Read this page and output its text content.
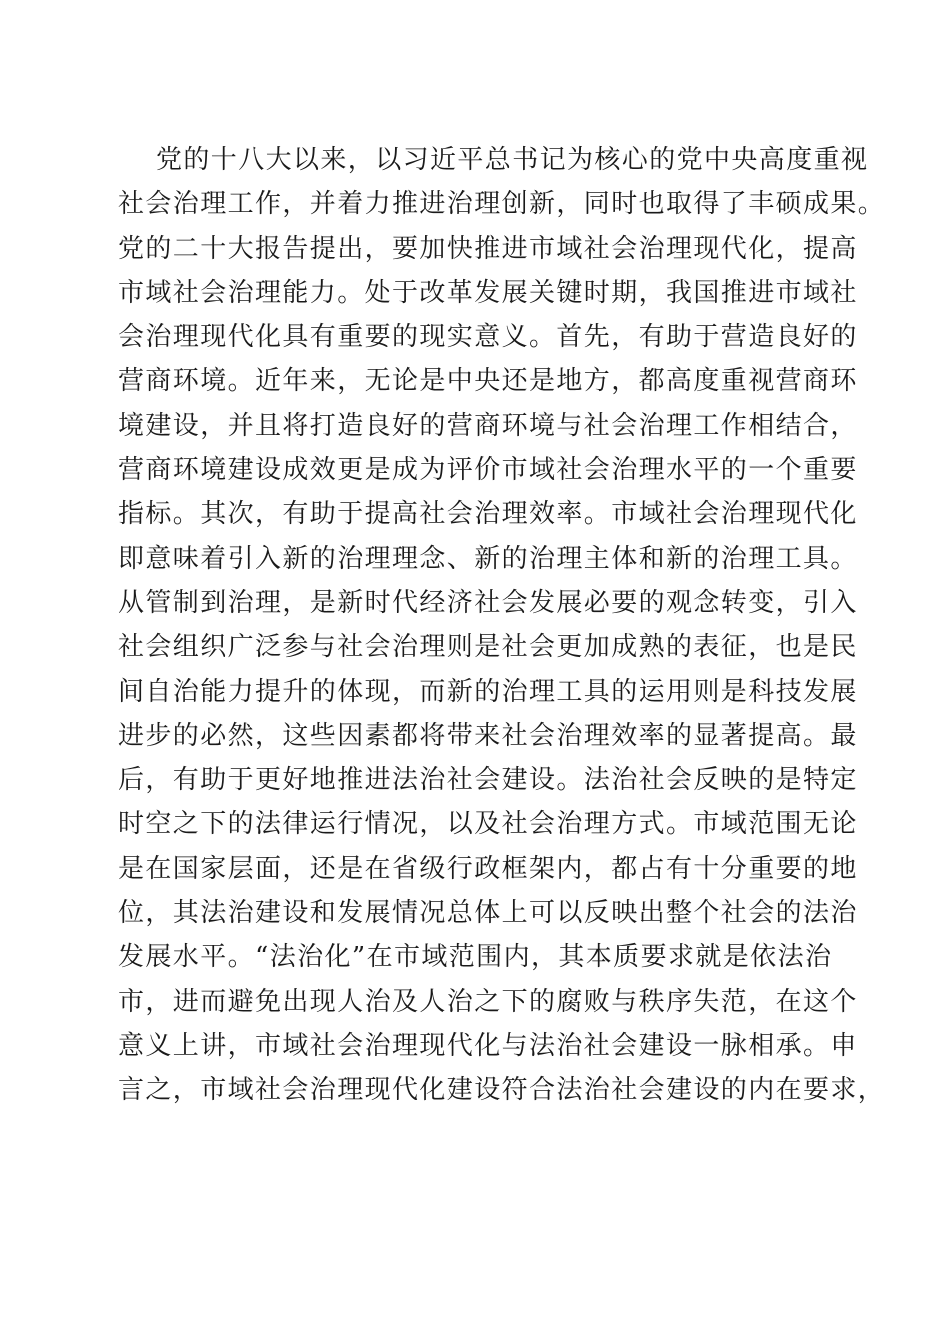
党的十八大以来，以习近平总书记为核心的党中央高度重视
社会治理工作，并着力推进治理创新，同时也取得了丰硕成果。
党的二十大报告提出，要加快推进市域社会治理现代化，提高
市域社会治理能力。处于改革发展关键时期，我国推进市域社
会治理现代化具有重要的现实意义。首先，有助于营造良好的
营商环境。近年来，无论是中央还是地方，都高度重视营商环
境建设，并且将打造良好的营商环境与社会治理工作相结合，
营商环境建设成效更是成为评价市域社会治理水平的一个重要
指标。其次，有助于提高社会治理效率。市域社会治理现代化
即意味着引入新的治理理念、新的治理主体和新的治理工具。
从管制到治理，是新时代经济社会发展必要的观念转变，引入
社会组织广泛参与社会治理则是社会更加成熟的表征，也是民
间自治能力提升的体现，而新的治理工具的运用则是科技发展
进步的必然，这些因素都将带来社会治理效率的显著提高。最
后，有助于更好地推进法治社会建设。法治社会反映的是特定
时空之下的法律运行情况，以及社会治理方式。市域范围无论
是在国家层面，还是在省级行政框架内，都占有十分重要的地
位，其法治建设和发展情况总体上可以反映出整个社会的法治
发展水平。“法治化”在市域范围内，其本质要求就是依法治
市，进而避免出现人治及人治之下的腐败与秩序失范，在这个
意义上讲，市域社会治理现代化与法治社会建设一脉相承。申
言之，市域社会治理现代化建设符合法治社会建设的内在要求，
